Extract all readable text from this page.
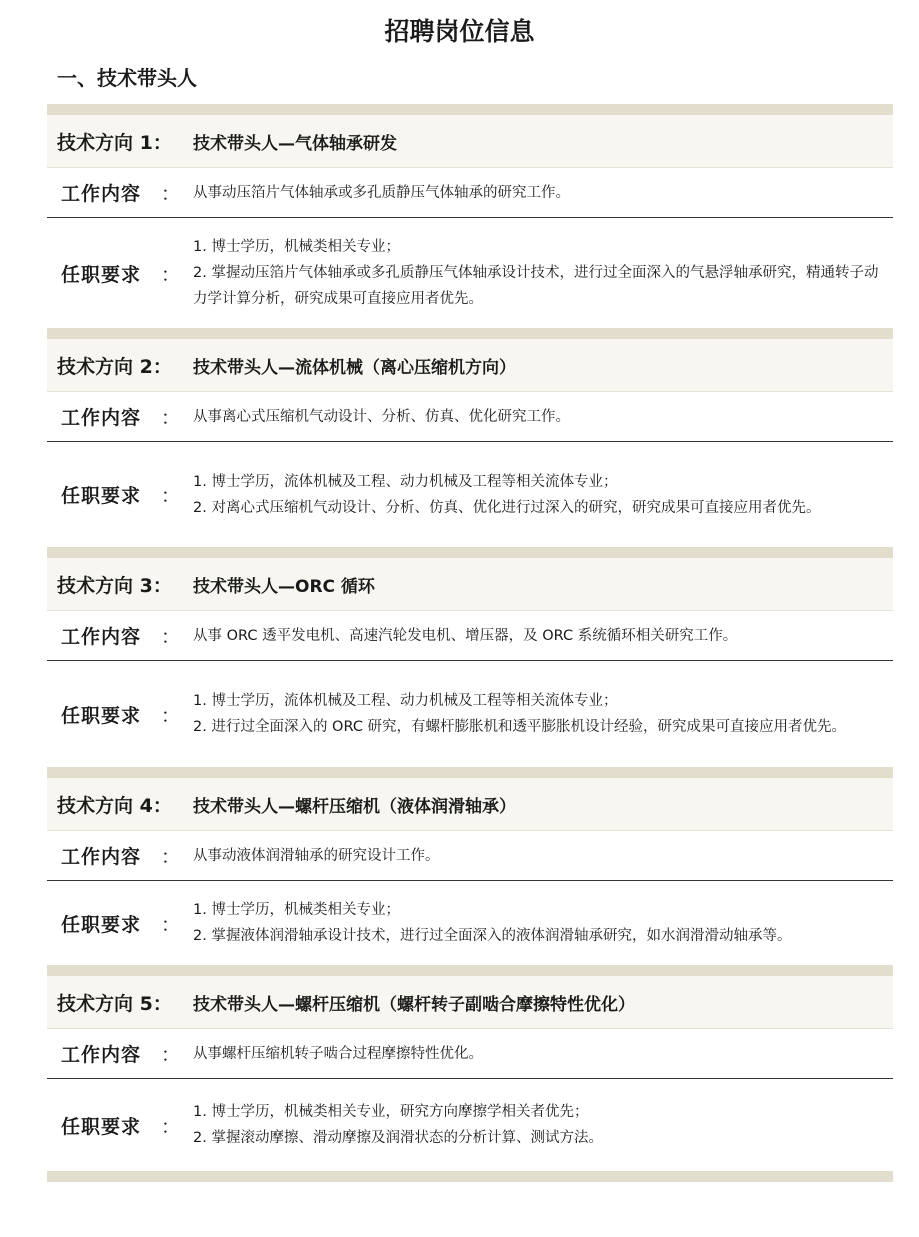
招聘岗位信息
一、技术带头人
技术方向 1：	技术带头人—气体轴承研发
工作内容 ： 从事动压箔片气体轴承或多孔质静压气体轴承的研究工作。
任职要求 ：
1. 博士学历，机械类相关专业；
2. 掌握动压箔片气体轴承或多孔质静压气体轴承设计技术，进行过全面深入的气悬浮轴承研究，精通转子动力学计算分析，研究成果可直接应用者优先。
技术方向 2：	技术带头人—流体机械（离心压缩机方向）
工作内容 ： 从事离心式压缩机气动设计、分析、仿真、优化研究工作。
任职要求 ：
1. 博士学历，流体机械及工程、动力机械及工程等相关流体专业；
2. 对离心式压缩机气动设计、分析、仿真、优化进行过深入的研究，研究成果可直接应用者优先。
技术方向 3：	技术带头人—ORC 循环
工作内容 ： 从事 ORC 透平发电机、高速汽轮发电机、增压器，及 ORC 系统循环相关研究工作。
任职要求 ：
1. 博士学历，流体机械及工程、动力机械及工程等相关流体专业；
2. 进行过全面深入的 ORC 研究，有螺杆膨胀机和透平膨胀机设计经验，研究成果可直接应用者优先。
技术方向 4：	技术带头人—螺杆压缩机（液体润滑轴承）
工作内容 ： 从事动液体润滑轴承的研究设计工作。
任职要求 ：
1. 博士学历，机械类相关专业；
2. 掌握液体润滑轴承设计技术，进行过全面深入的液体润滑轴承研究，如水润滑滑动轴承等。
技术方向 5：	技术带头人—螺杆压缩机（螺杆转子副啮合摩擦特性优化）
工作内容 ： 从事螺杆压缩机转子啮合过程摩擦特性优化。
任职要求 ：
1. 博士学历，机械类相关专业，研究方向摩擦学相关者优先；
2. 掌握滚动摩擦、滑动摩擦及润滑状态的分析计算、测试方法。
